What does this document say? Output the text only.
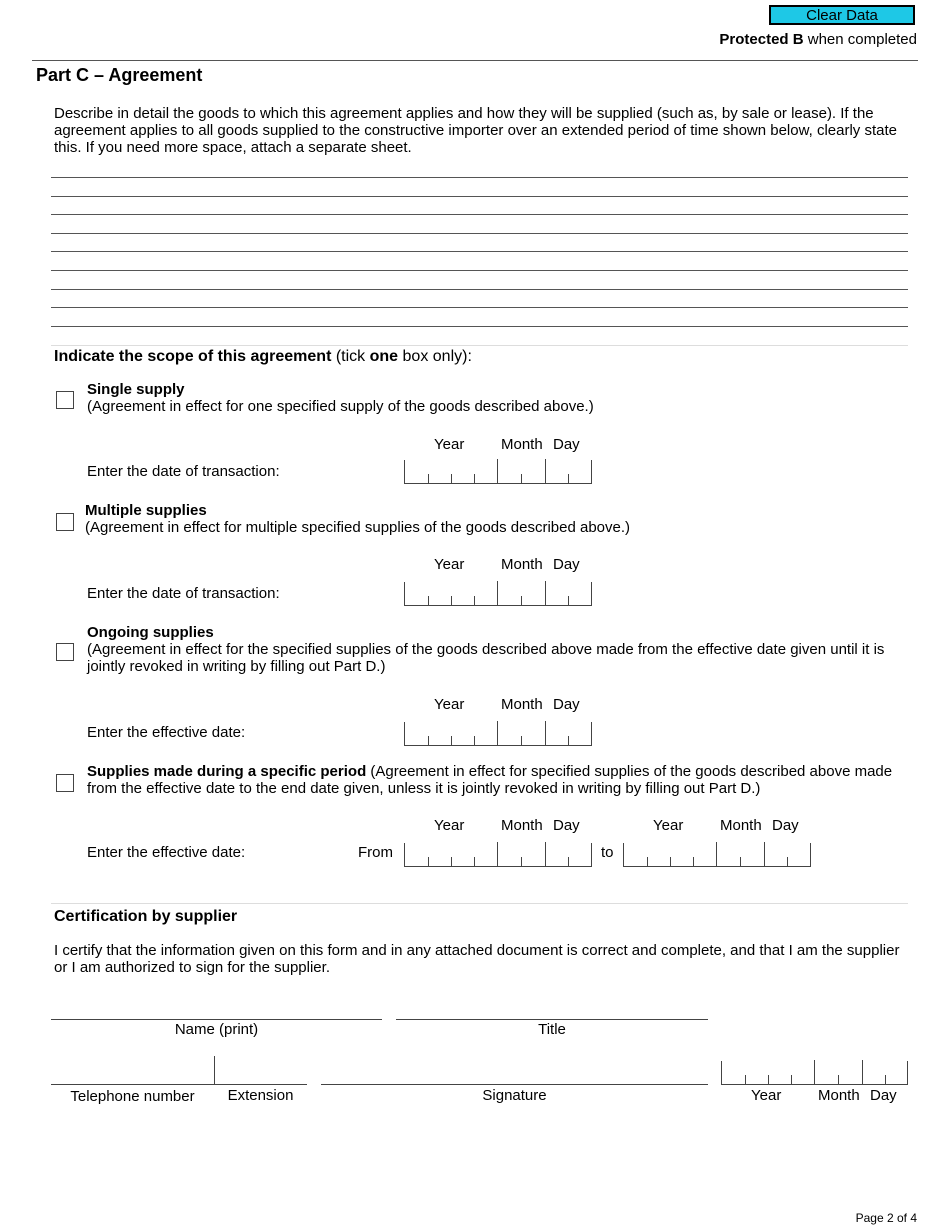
Clear Data
Protected B when completed
Part C – Agreement
Describe in detail the goods to which this agreement applies and how they will be supplied (such as, by sale or lease). If the agreement applies to all goods supplied to the constructive importer over an extended period of time shown below, clearly state this. If you need more space, attach a separate sheet.
Indicate the scope of this agreement (tick one box only):
Single supply
(Agreement in effect for one specified supply of the goods described above.)
Year Month Day
Enter the date of transaction:
Multiple supplies
(Agreement in effect for multiple specified supplies of the goods described above.)
Year Month Day
Enter the date of transaction:
Ongoing supplies
(Agreement in effect for the specified supplies of the goods described above made from the effective date given until it is jointly revoked in writing by filling out Part D.)
Year Month Day
Enter the effective date:
Supplies made during a specific period (Agreement in effect for specified supplies of the goods described above made from the effective date to the end date given, unless it is jointly revoked in writing by filling out Part D.)
Year Month Day	Year Month Day
Enter the effective date:	From	to
Certification by supplier
I certify that the information given on this form and in any attached document is correct and complete, and that I am the supplier or I am authorized to sign for the supplier.
Name (print)	Title
Telephone number	Extension	Signature	Year Month Day
Page 2 of 4
